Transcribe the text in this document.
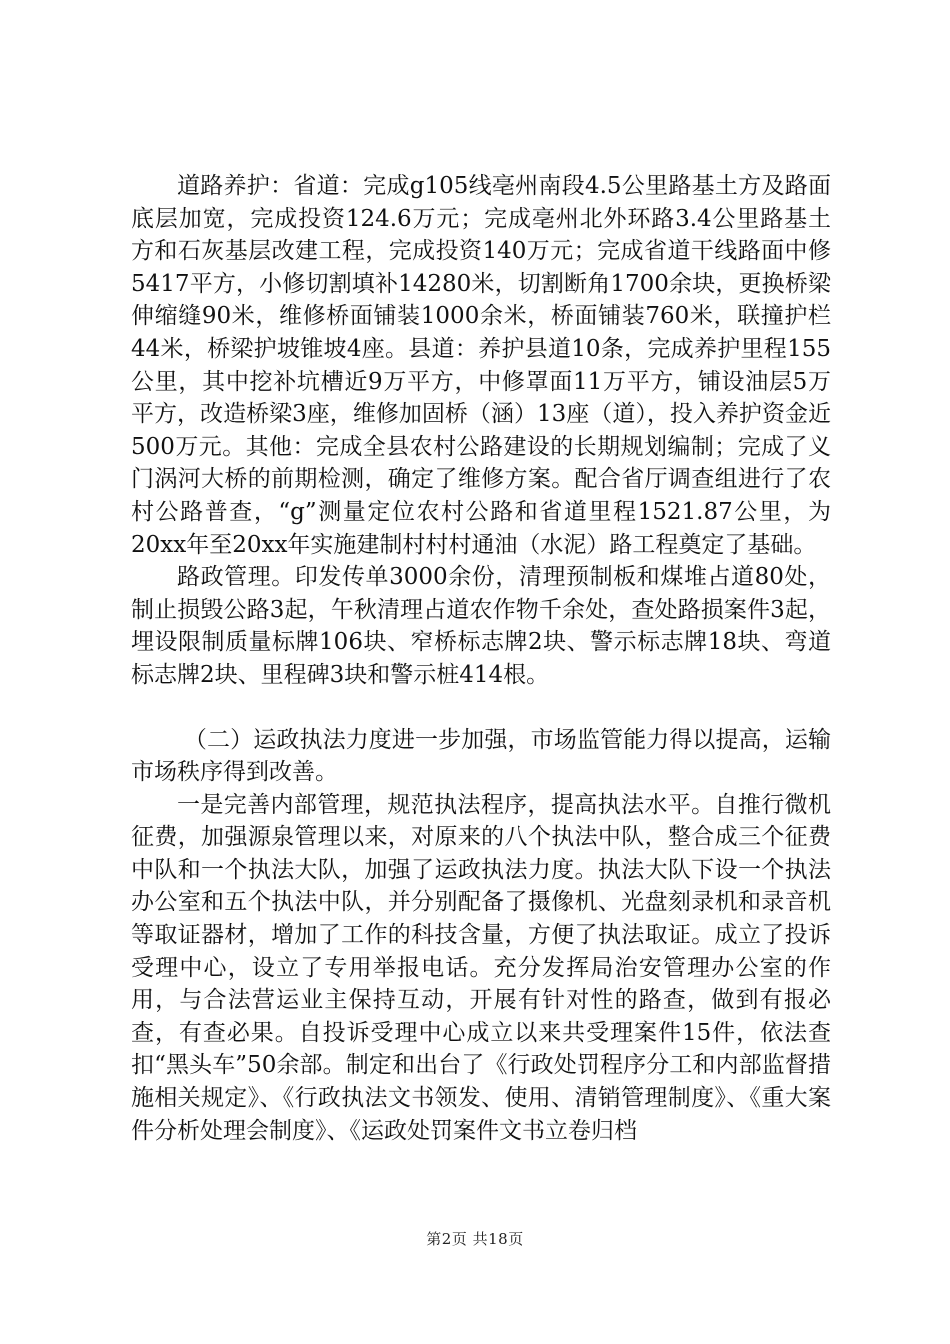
道路养护：省道：完成g105线亳州南段4.5公里路基土方及路面底层加宽，完成投资124.6万元；完成亳州北外环路3.4公里路基土方和石灰基层改建工程，完成投资140万元；完成省道干线路面中修5417平方，小修切割填补14280米，切割断角1700余块，更换桥梁伸缩缝90米，维修桥面铺装1000余米，桥面铺装760米，联撞护栏44米，桥梁护坡锥坡4座。县道：养护县道10条，完成养护里程155公里，其中挖补坑槽近9万平方，中修罩面11万平方，铺设油层5万平方，改造桥梁3座，维修加固桥（涵）13座（道），投入养护资金近500万元。其他：完成全县农村公路建设的长期规划编制；完成了义门涡河大桥的前期检测，确定了维修方案。配合省厅调查组进行了农村公路普查，“g”测量定位农村公路和省道里程1521.87公里，为20xx年至20xx年实施建制村村村通油（水泥）路工程奠定了基础。

路政管理。印发传单3000余份，清理预制板和煤堆占道80处，制止损毁公路3起，午秋清理占道农作物千余处，查处路损案件3起，埋设限制质量标牌106块、窄桥标志牌2块、警示标志牌18块、弯道标志牌2块、里程碑3块和警示桩414根。

（二）运政执法力度进一步加强，市场监管能力得以提高，运输市场秩序得到改善。

一是完善内部管理，规范执法程序，提高执法水平。自推行微机征费，加强源泉管理以来，对原来的八个执法中队，整合成三个征费中队和一个执法大队，加强了运政执法力度。执法大队下设一个执法办公室和五个执法中队，并分别配备了摄像机、光盘刻录机和录音机等取证器材，增加了工作的科技含量，方便了执法取证。成立了投诉受理中心，设立了专用举报电话。充分发挥局治安管理办公室的作用，与合法营运业主保持互动，开展有针对性的路查，做到有报必查，有查必果。自投诉受理中心成立以来共受理案件15件，依法查扣“黑头车”50余部。制定和出台了《行政处罚程序分工和内部监督措施相关规定》、《行政执法文书领发、使用、清销管理制度》、《重大案件分析处理会制度》、《运政处罚案件文书立卷归档

第2页 共18页
